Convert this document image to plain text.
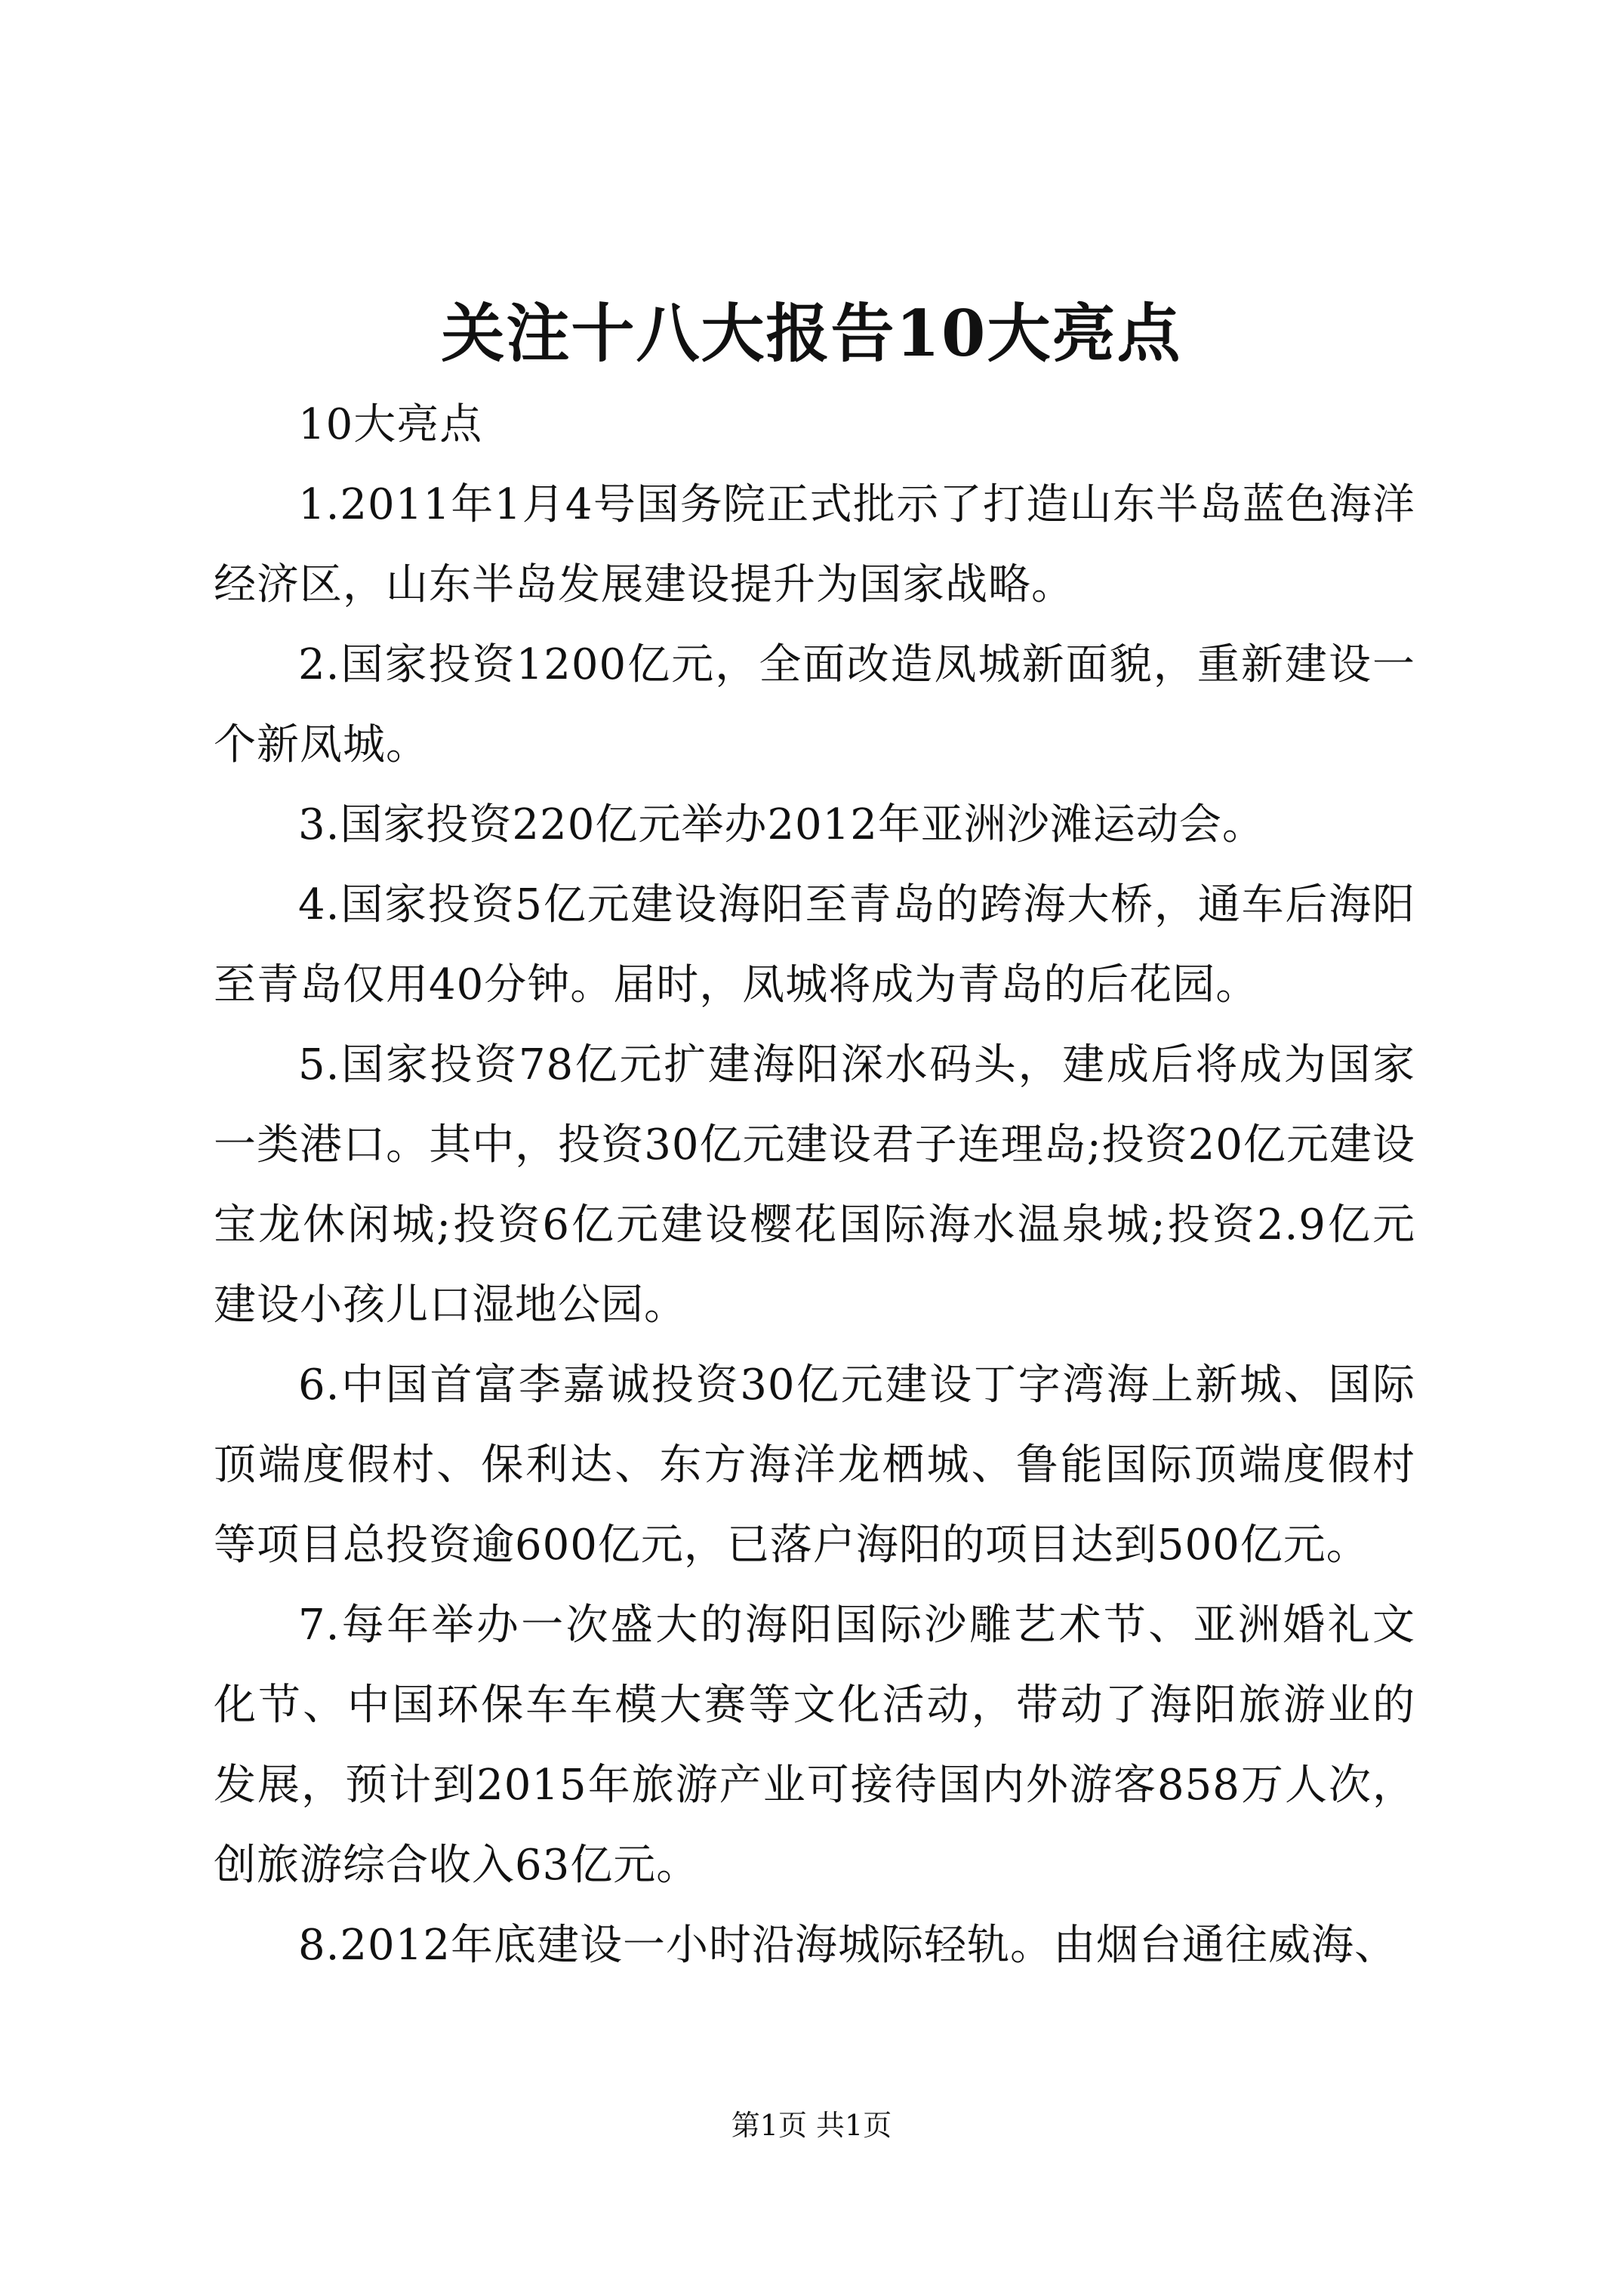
关注十八大报告10大亮点

10大亮点

1.2011年1月4号国务院正式批示了打造山东半岛蓝色海洋经济区，山东半岛发展建设提升为国家战略。

2.国家投资1200亿元，全面改造凤城新面貌，重新建设一个新凤城。

3.国家投资220亿元举办2012年亚洲沙滩运动会。

4.国家投资5亿元建设海阳至青岛的跨海大桥，通车后海阳至青岛仅用40分钟。届时，凤城将成为青岛的后花园。

5.国家投资78亿元扩建海阳深水码头，建成后将成为国家一类港口。其中，投资30亿元建设君子连理岛;投资20亿元建设宝龙休闲城;投资6亿元建设樱花国际海水温泉城;投资2.9亿元建设小孩儿口湿地公园。

6.中国首富李嘉诚投资30亿元建设丁字湾海上新城、国际顶端度假村、保利达、东方海洋龙栖城、鲁能国际顶端度假村等项目总投资逾600亿元，已落户海阳的项目达到500亿元。

7.每年举办一次盛大的海阳国际沙雕艺术节、亚洲婚礼文化节、中国环保车车模大赛等文化活动，带动了海阳旅游业的发展，预计到2015年旅游产业可接待国内外游客858万人次，创旅游综合收入63亿元。

8.2012年底建设一小时沿海城际轻轨。由烟台通往威海、

第1页 共1页
